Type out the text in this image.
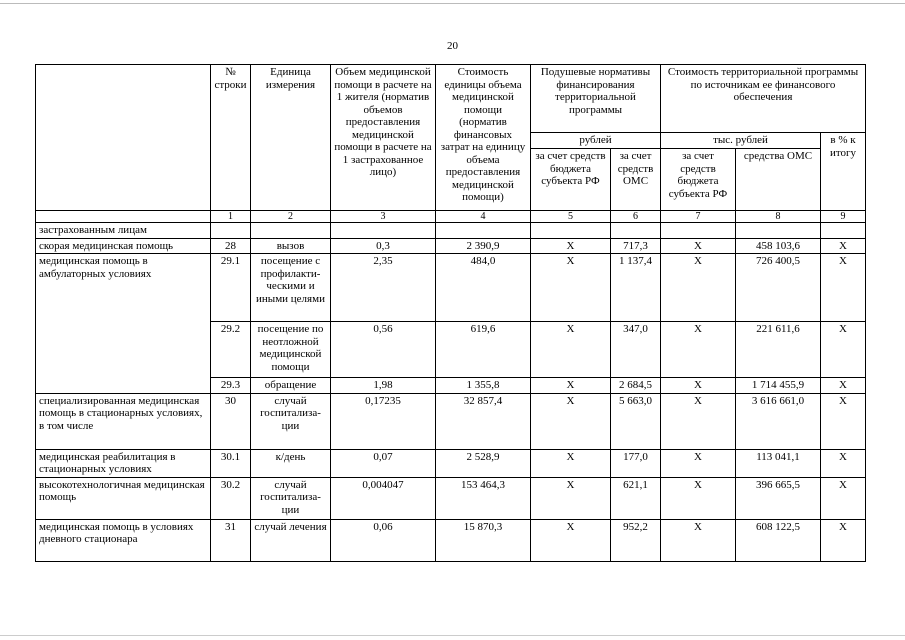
20
	№ строки	Единица измерения	Объем медицинской помощи в расчете на 1 жителя (норматив объемов предоставления медицинской помощи в расчете на 1 застрахованное лицо)	Стоимость единицы объема медицинской помощи (норматив финансовых затрат на единицу объема предоставления медицинской помощи)	Подушевые нормативы финансирования территориальной программы		Стоимость территориальной программы по источникам ее финансового обеспечения		
					рублей		тыс. рублей		в % к итогу
					за счет средств бюджета субъекта РФ	за счет средств ОМС	за счет средств бюджета субъекта РФ	средства ОМС	
	1	2	3	4	5	6	7	8	9
застрахованным лицам									
скорая медицинская помощь	28	вызов	0,3	2 390,9	Х	717,3	Х	458 103,6	Х
медицинская помощь в амбулаторных условиях	29.1	посещение с профилакти-ческими и иными целями	2,35	484,0	Х	1 137,4	Х	726 400,5	Х
	29.2	посещение по неотложной медицинской помощи	0,56	619,6	Х	347,0	Х	221 611,6	Х
	29.3	обращение	1,98	1 355,8	Х	2 684,5	Х	1 714 455,9	Х
специализированная медицинская помощь в стационарных условиях, в том числе	30	случай госпитализа-ции	0,17235	32 857,4	Х	5 663,0	Х	3 616 661,0	Х
медицинская реабилитация в стационарных условиях	30.1	к/день	0,07	2 528,9	Х	177,0	Х	113 041,1	Х
высокотехнологичная медицинская помощь	30.2	случай госпитализа-ции	0,004047	153 464,3	Х	621,1	Х	396 665,5	Х
медицинская помощь в условиях дневного стационара	31	случай лечения	0,06	15 870,3	Х	952,2	Х	608 122,5	Х
